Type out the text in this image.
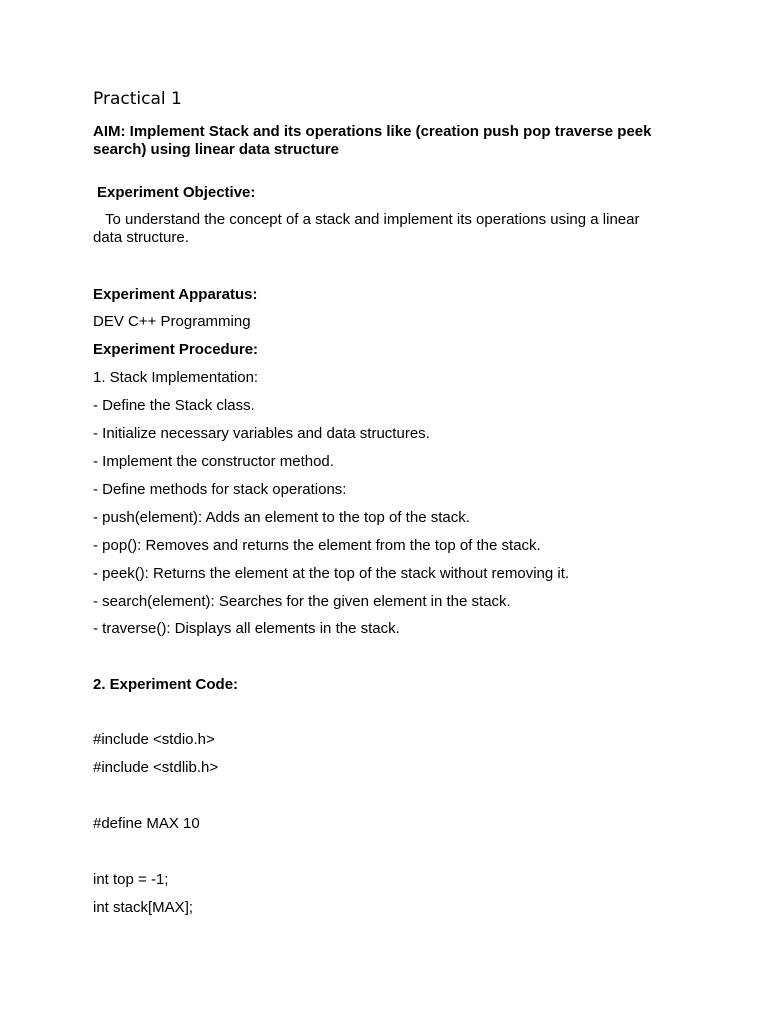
Practical 1
AIM: Implement Stack and its operations like (creation push pop traverse peek search) using linear data structure
Experiment Objective:
To understand the concept of a stack and implement its operations using a linear data structure.
Experiment Apparatus:
DEV C++ Programming
Experiment Procedure:
1. Stack Implementation:
- Define the Stack class.
- Initialize necessary variables and data structures.
- Implement the constructor method.
- Define methods for stack operations:
- push(element): Adds an element to the top of the stack.
- pop(): Removes and returns the element from the top of the stack.
- peek(): Returns the element at the top of the stack without removing it.
- search(element): Searches for the given element in the stack.
- traverse(): Displays all elements in the stack.
2. Experiment Code:
#include <stdio.h>
#include <stdlib.h>
#define MAX 10
int top = -1;
int stack[MAX];
